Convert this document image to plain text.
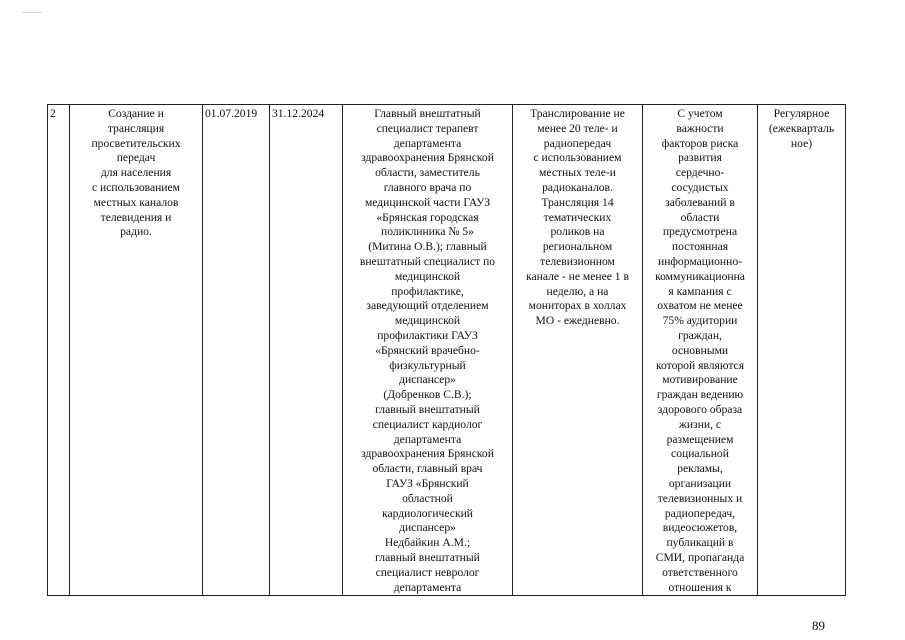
2	Создание и
трансляция
просветительских
передач
для населения
с использованием
местных каналов
телевидения и
радио.	01.07.2019	31.12.2024	Главный внештатный
специалист терапевт
департамента
здравоохранения Брянской
области, заместитель
главного врача по
медицинской части ГАУЗ
«Брянская городская
поликлиника № 5»
(Митина О.В.); главный
внештатный специалист по
медицинской
профилактике,
заведующий отделением
медицинской
профилактики ГАУЗ
«Брянский врачебно-
физкультурный
диспансер»
(Добренков С.В.);
главный внештатный
специалист кардиолог
департамента
здравоохранения Брянской
области, главный врач
ГАУЗ «Брянский
областной
кардиологический
диспансер»
Недбайкин А.М.;
главный внештатный
специалист невролог
департамента	Транслирование не
менее 20 теле- и
радиопередач
с использованием
местных теле-и
радиоканалов.
Трансляция 14
тематических
роликов на
региональном
телевизионном
канале - не менее 1 в
неделю, а на
мониторах в холлах
МО - ежедневно.	С учетом
важности
факторов риска
развития
сердечно-
сосудистых
заболеваний в
области
предусмотрена
постоянная
информационно-
коммуникационна
я кампания с
охватом не менее
75% аудитории
граждан,
основными
которой являются
мотивирование
граждан ведению
здорового образа
жизни, с
размещением
социальной
рекламы,
организации
телевизионных и
радиопередач,
видеосюжетов,
публикаций в
СМИ, пропаганда
ответственного
отношения к	Регулярное
(ежекварталь
ное)
89
